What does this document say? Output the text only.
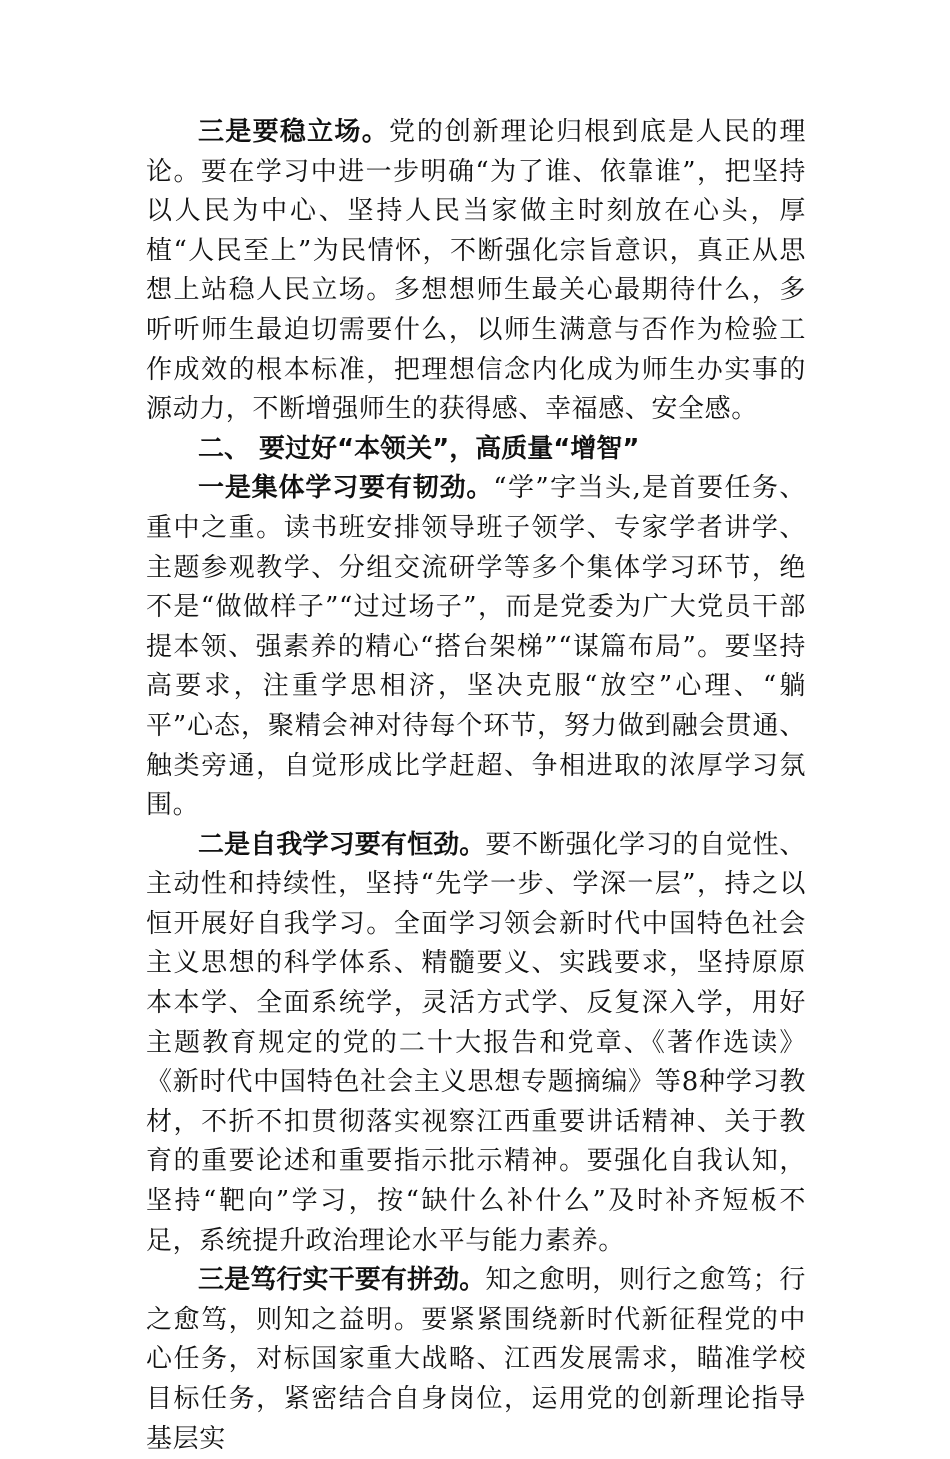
三是要稳立场。党的创新理论归根到底是人民的理论。要在学习中进一步明确“为了谁、依靠谁”，把坚持以人民为中心、坚持人民当家做主时刻放在心头，厚植“人民至上”为民情怀，不断强化宗旨意识，真正从思想上站稳人民立场。多想想师生最关心最期待什么，多听听师生最迫切需要什么，以师生满意与否作为检验工作成效的根本标准，把理想信念内化成为师生办实事的源动力，不断增强师生的获得感、幸福感、安全感。

二、 要过好“本领关”，高质量“增智”

一是集体学习要有韧劲。“学”字当头,是首要任务、重中之重。读书班安排领导班子领学、专家学者讲学、主题参观教学、分组交流研学等多个集体学习环节，绝不是“做做样子”“过过场子”，而是党委为广大党员干部提本领、强素养的精心“搭台架梯”“谋篇布局”。要坚持高要求，注重学思相济，坚决克服“放空”心理、“躺平”心态，聚精会神对待每个环节，努力做到融会贯通、触类旁通，自觉形成比学赶超、争相进取的浓厚学习氛围。

二是自我学习要有恒劲。要不断强化学习的自觉性、主动性和持续性，坚持“先学一步、学深一层”，持之以恒开展好自我学习。全面学习领会新时代中国特色社会主义思想的科学体系、精髓要义、实践要求，坚持原原本本学、全面系统学，灵活方式学、反复深入学，用好主题教育规定的党的二十大报告和党章、《著作选读》《新时代中国特色社会主义思想专题摘编》等8种学习教材，不折不扣贯彻落实视察江西重要讲话精神、关于教育的重要论述和重要指示批示精神。要强化自我认知，坚持“靶向”学习，按“缺什么补什么”及时补齐短板不足，系统提升政治理论水平与能力素养。

三是笃行实干要有拼劲。知之愈明，则行之愈笃；行之愈笃，则知之益明。要紧紧围绕新时代新征程党的中心任务，对标国家重大战略、江西发展需求，瞄准学校目标任务，紧密结合自身岗位，运用党的创新理论指导基层实
